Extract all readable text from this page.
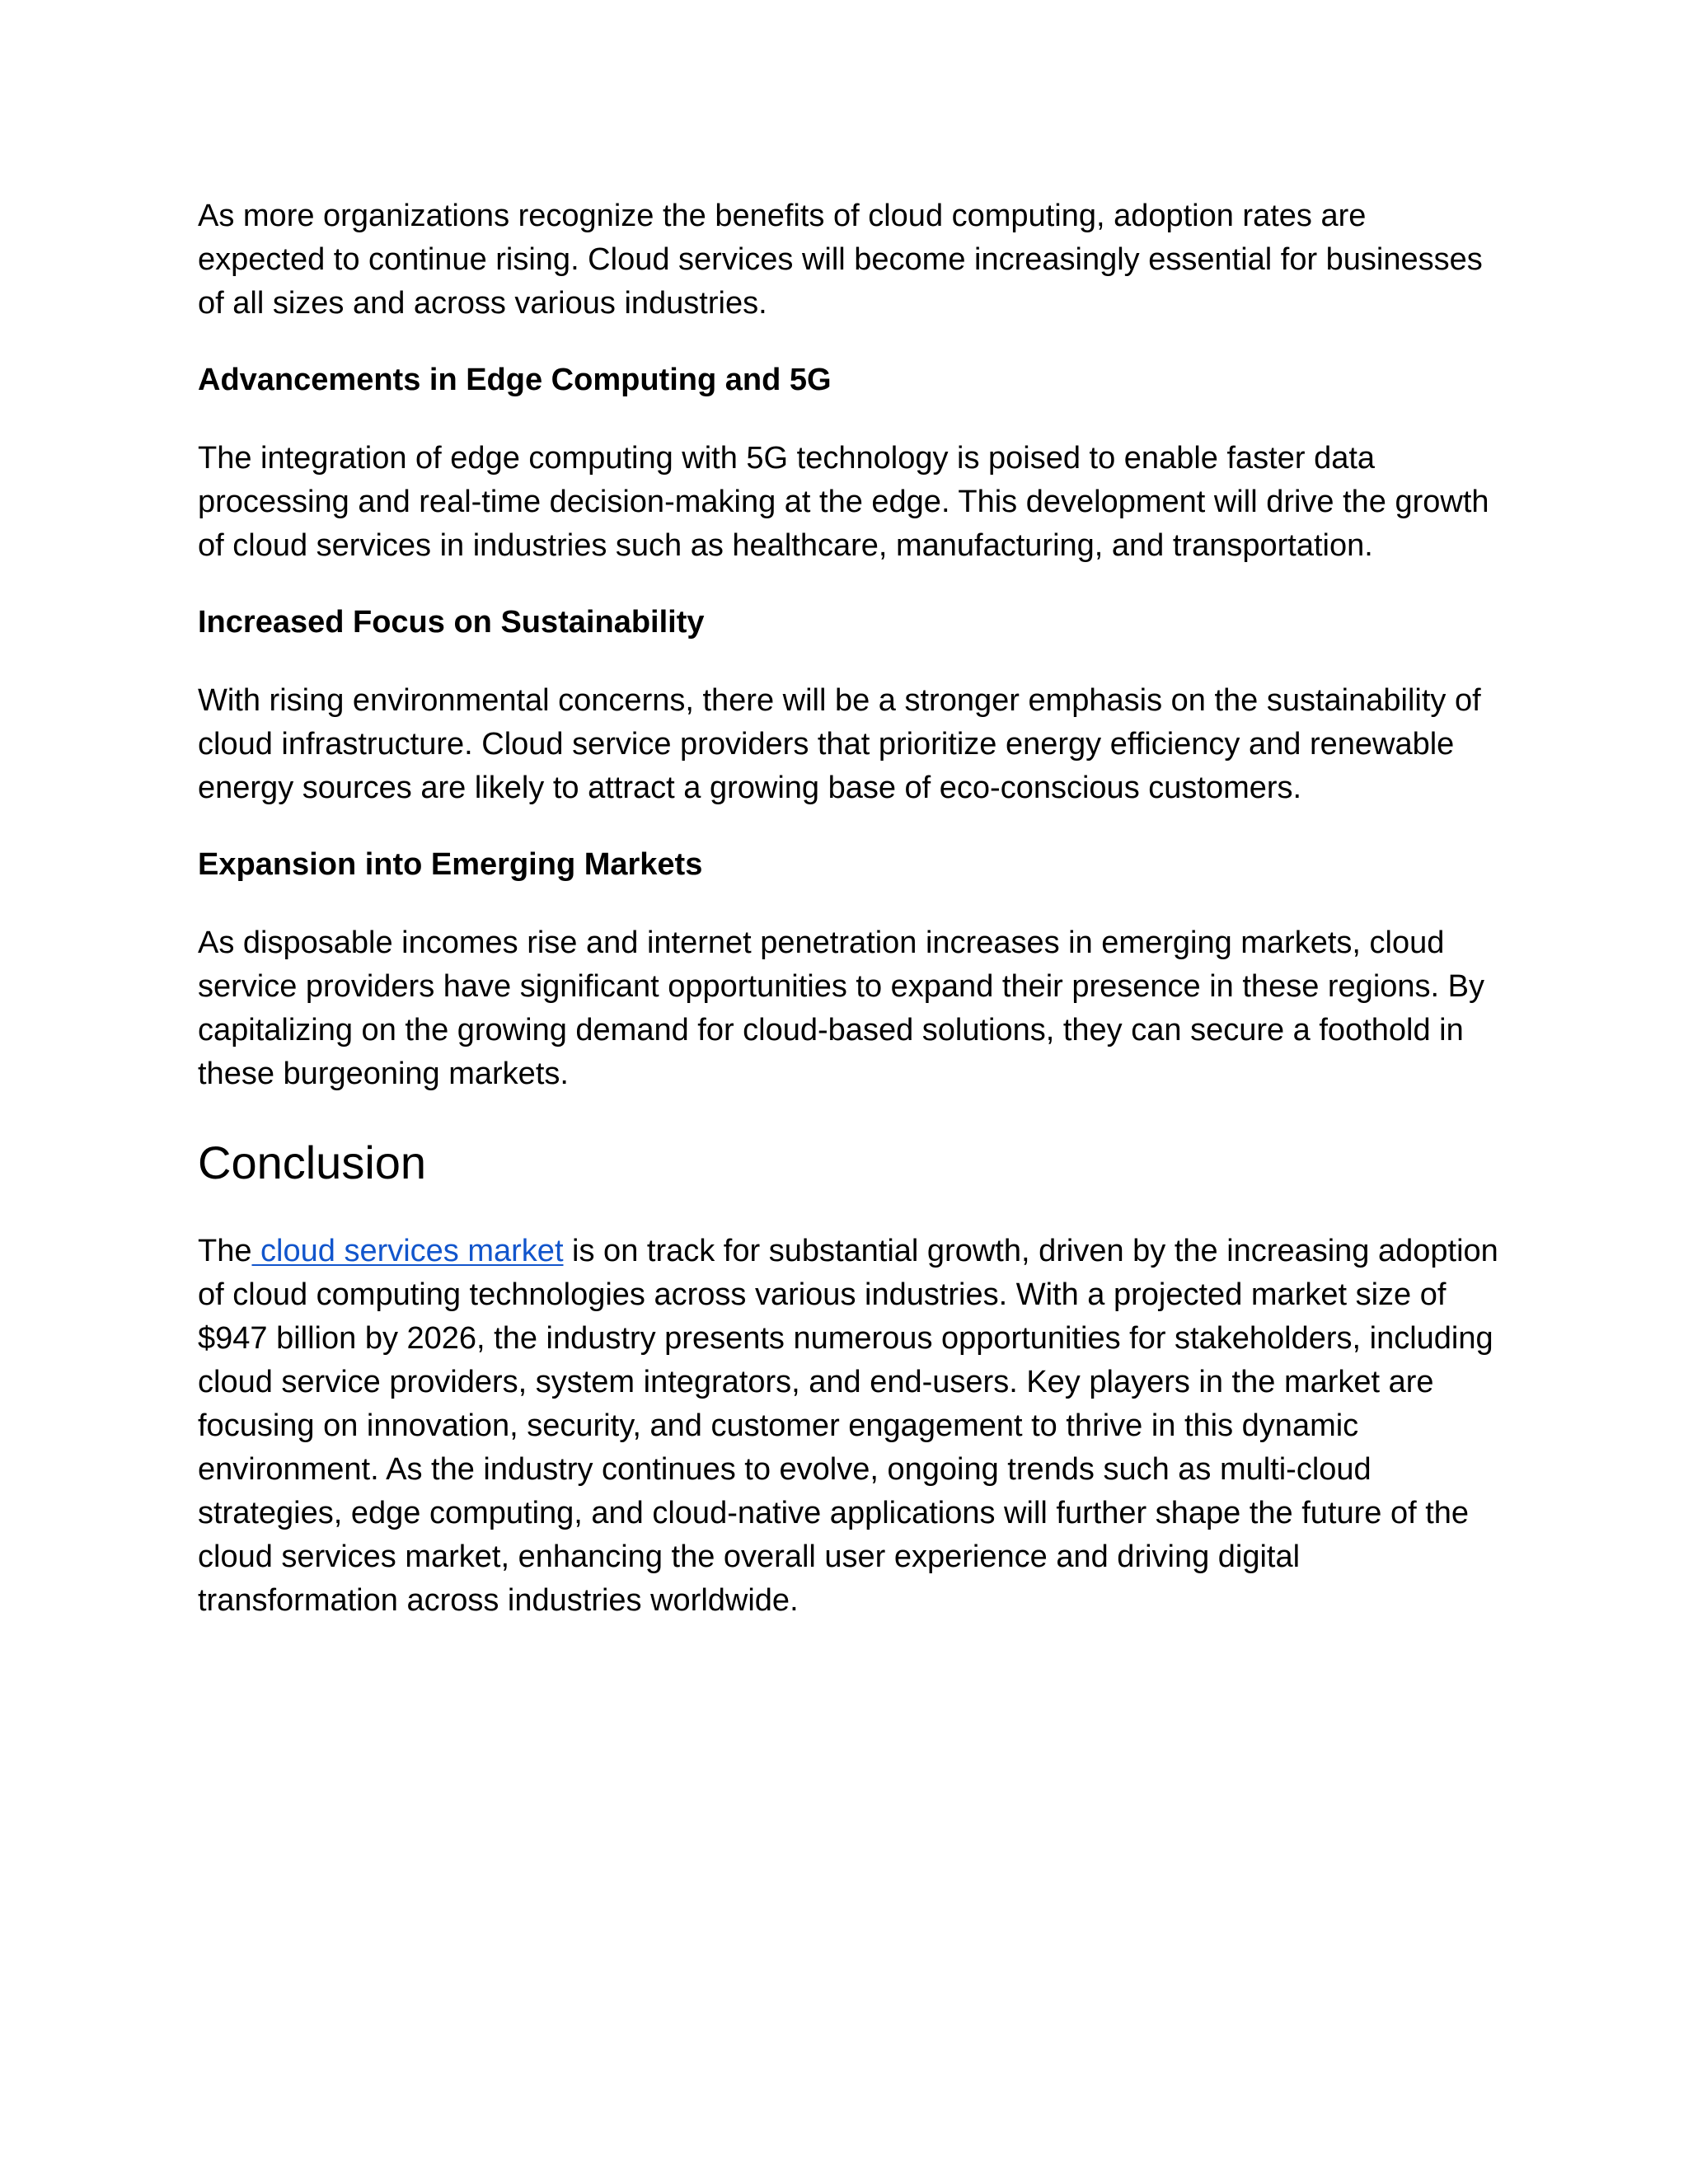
As more organizations recognize the benefits of cloud computing, adoption rates are expected to continue rising. Cloud services will become increasingly essential for businesses of all sizes and across various industries.

Advancements in Edge Computing and 5G

The integration of edge computing with 5G technology is poised to enable faster data processing and real-time decision-making at the edge. This development will drive the growth of cloud services in industries such as healthcare, manufacturing, and transportation.

Increased Focus on Sustainability

With rising environmental concerns, there will be a stronger emphasis on the sustainability of cloud infrastructure. Cloud service providers that prioritize energy efficiency and renewable energy sources are likely to attract a growing base of eco-conscious customers.

Expansion into Emerging Markets

As disposable incomes rise and internet penetration increases in emerging markets, cloud service providers have significant opportunities to expand their presence in these regions. By capitalizing on the growing demand for cloud-based solutions, they can secure a foothold in these burgeoning markets.

Conclusion

The cloud services market is on track for substantial growth, driven by the increasing adoption of cloud computing technologies across various industries. With a projected market size of $947 billion by 2026, the industry presents numerous opportunities for stakeholders, including cloud service providers, system integrators, and end-users. Key players in the market are focusing on innovation, security, and customer engagement to thrive in this dynamic environment. As the industry continues to evolve, ongoing trends such as multi-cloud strategies, edge computing, and cloud-native applications will further shape the future of the cloud services market, enhancing the overall user experience and driving digital transformation across industries worldwide.
